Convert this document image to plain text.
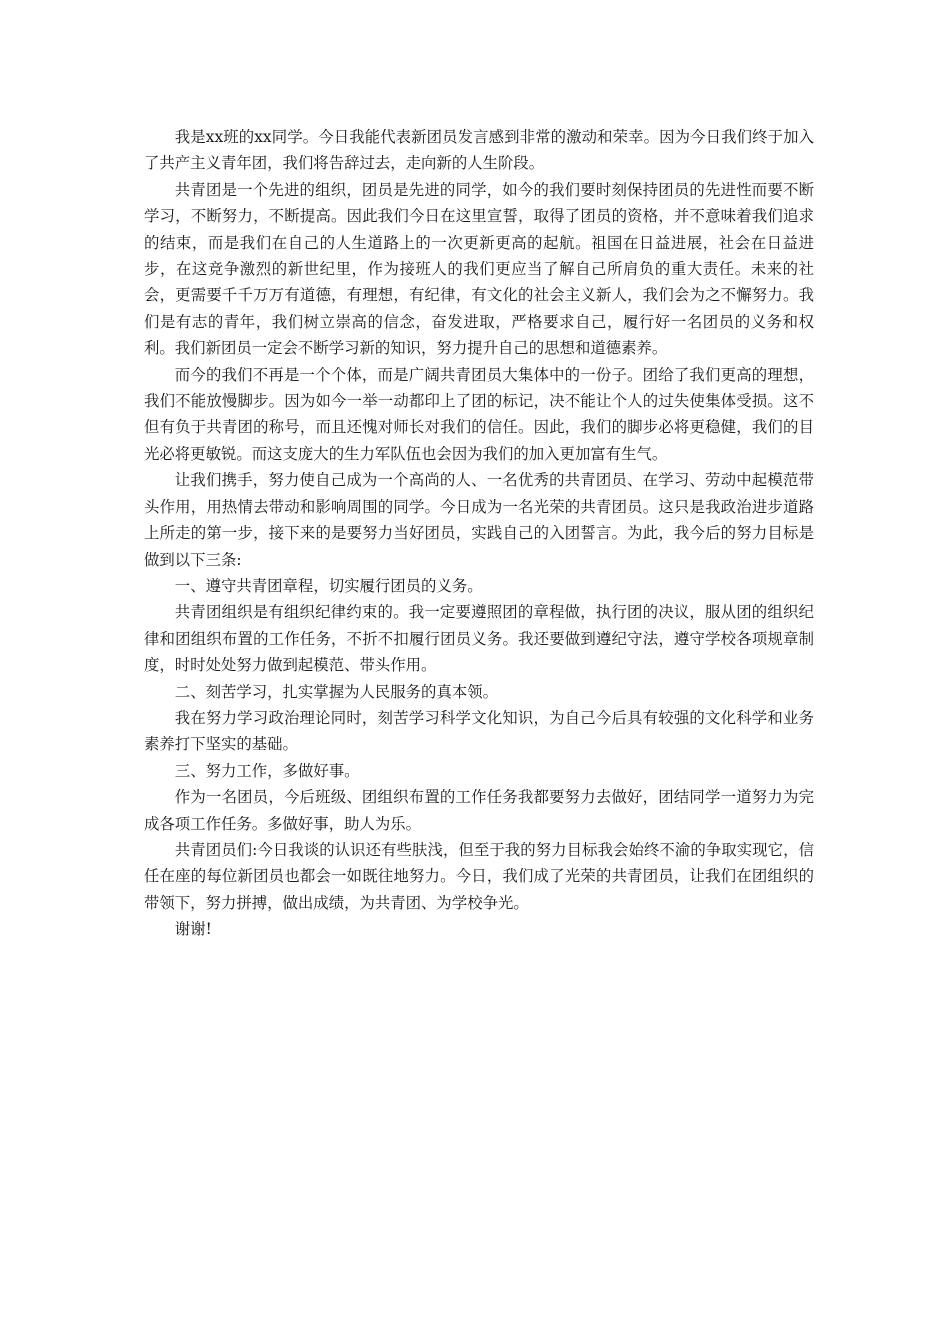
我是xx班的xx同学。今日我能代表新团员发言感到非常的激动和荣幸。因为今日我们终于加入了共产主义青年团，我们将告辞过去，走向新的人生阶段。

共青团是一个先进的组织，团员是先进的同学，如今的我们要时刻保持团员的先进性而要不断学习，不断努力，不断提高。因此我们今日在这里宣誓，取得了团员的资格，并不意味着我们追求的结束，而是我们在自己的人生道路上的一次更新更高的起航。祖国在日益进展，社会在日益进步，在这竞争激烈的新世纪里，作为接班人的我们更应当了解自己所肩负的重大责任。未来的社会，更需要千千万万有道德，有理想，有纪律，有文化的社会主义新人，我们会为之不懈努力。我们是有志的青年，我们树立崇高的信念，奋发进取，严格要求自己，履行好一名团员的义务和权利。我们新团员一定会不断学习新的知识，努力提升自己的思想和道德素养。

而今的我们不再是一个个体，而是广阔共青团员大集体中的一份子。团给了我们更高的理想，我们不能放慢脚步。因为如今一举一动都印上了团的标记，决不能让个人的过失使集体受损。这不但有负于共青团的称号，而且还愧对师长对我们的信任。因此，我们的脚步必将更稳健，我们的目光必将更敏锐。而这支庞大的生力军队伍也会因为我们的加入更加富有生气。

让我们携手，努力使自己成为一个高尚的人、一名优秀的共青团员、在学习、劳动中起模范带头作用，用热情去带动和影响周围的同学。今日成为一名光荣的共青团员。这只是我政治进步道路上所走的第一步，接下来的是要努力当好团员，实践自己的入团誓言。为此，我今后的努力目标是做到以下三条:

一、遵守共青团章程，切实履行团员的义务。

共青团组织是有组织纪律约束的。我一定要遵照团的章程做，执行团的决议，服从团的组织纪律和团组织布置的工作任务，不折不扣履行团员义务。我还要做到遵纪守法，遵守学校各项规章制度，时时处处努力做到起模范、带头作用。

二、刻苦学习，扎实掌握为人民服务的真本领。

我在努力学习政治理论同时，刻苦学习科学文化知识，为自己今后具有较强的文化科学和业务素养打下坚实的基础。

三、努力工作，多做好事。

作为一名团员，今后班级、团组织布置的工作任务我都要努力去做好，团结同学一道努力为完成各项工作任务。多做好事，助人为乐。

共青团员们:今日我谈的认识还有些肤浅，但至于我的努力目标我会始终不渝的争取实现它，信任在座的每位新团员也都会一如既往地努力。今日，我们成了光荣的共青团员，让我们在团组织的带领下，努力拼搏，做出成绩，为共青团、为学校争光。

谢谢!
